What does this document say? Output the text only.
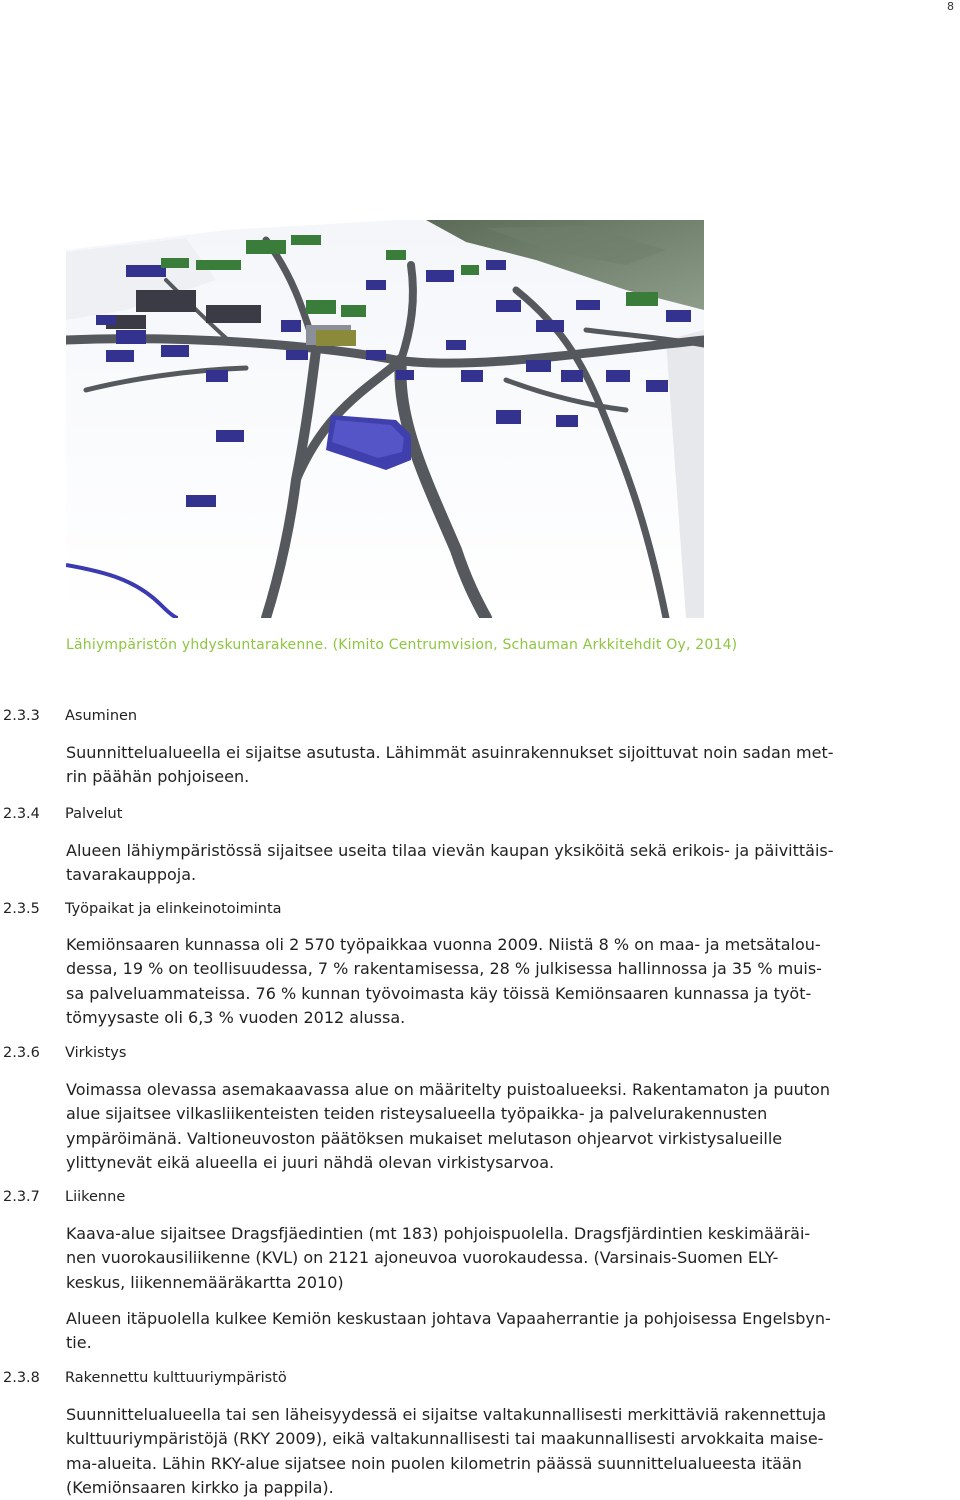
8
Lähiympäristön yhdyskuntarakenne. (Kimito Centrumvision, Schauman Arkkitehdit Oy, 2014)
2.3.3 Asuminen

Suunnittelualueella ei sijaitse asutusta. Lähimmät asuinrakennukset sijoittuvat noin sadan met-
rin päähän pohjoiseen.

2.3.4 Palvelut

Alueen lähiympäristössä sijaitsee useita tilaa vievän kaupan yksiköitä sekä erikois- ja päivittäis-
tavarakauppoja.

2.3.5 Työpaikat ja elinkeinotoiminta

Kemiönsaaren kunnassa oli 2 570 työpaikkaa vuonna 2009. Niistä 8 % on maa- ja metsätalou-
dessa, 19 % on teollisuudessa, 7 % rakentamisessa, 28 % julkisessa hallinnossa ja 35 % muis-
sa palveluammateissa. 76 % kunnan työvoimasta käy töissä Kemiönsaaren kunnassa ja työt-
tömyysaste oli 6,3 % vuoden 2012 alussa.

2.3.6 Virkistys

Voimassa olevassa asemakaavassa alue on määritelty puistoalueeksi. Rakentamaton ja puuton
alue sijaitsee vilkasliikenteisten teiden risteysalueella työpaikka- ja palvelurakennusten
ympäröimänä. Valtioneuvoston päätöksen mukaiset melutason ohjearvot virkistysalueille
ylittynevät eikä alueella ei juuri nähdä olevan virkistysarvoa.

2.3.7 Liikenne

Kaava-alue sijaitsee Dragsfjäedintien (mt 183) pohjoispuolella. Dragsfjärdintien keskimääräi-
nen vuorokausiliikenne (KVL) on 2121 ajoneuvoa vuorokaudessa. (Varsinais-Suomen ELY-
keskus, liikennemääräkartta 2010)

Alueen itäpuolella kulkee Kemiön keskustaan johtava Vapaaherrantie ja pohjoisessa Engelsbyn-
tie.

2.3.8 Rakennettu kulttuuriympäristö

Suunnittelualueella tai sen läheisyydessä ei sijaitse valtakunnallisesti merkittäviä rakennettuja
kulttuuriympäristöjä (RKY 2009), eikä valtakunnallisesti tai maakunnallisesti arvokkaita maise-
ma-alueita. Lähin RKY-alue sijatsee noin puolen kilometrin päässä suunnittelualueesta itään
(Kemiönsaaren kirkko ja pappila).
